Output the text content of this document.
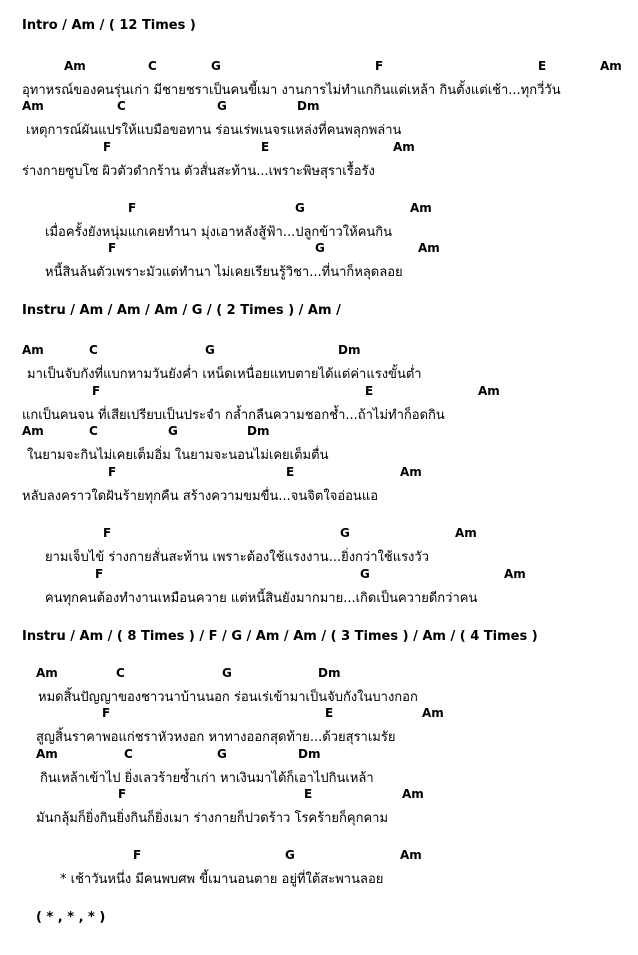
Intro / Am / ( 12 Times )
Instru / Am / Am / Am / G / ( 2 Times ) / Am /
Instru / Am / ( 8 Times ) / F / G / Am / Am / ( 3 Times ) / Am / ( 4 Times )
( * , * , * )
Am	C	G	F	E	Am
อุทาหรณ์ของคนรุ่นเก่า มีชายชราเป็นคนขี้เมา งานการไม่ทำแกกินแต่เหล้า กินตั้งแต่เช้า...ทุกวี่วัน
Am	C	G	Dm
เหตุการณ์ผันแปรให้แบมือขอทาน ร่อนเร่พเนจรแหล่งที่คนพลุกพล่าน
F	E	Am
ร่างกายซูบโซ ผิวตัวดำกร้าน ตัวสั่นสะท้าน...เพราะพิษสุราเรื้อรัง
F	G	Am
เมื่อครั้งยังหนุ่มแกเคยทำนา มุ่งเอาหลังสู้ฟ้า...ปลูกข้าวให้คนกิน
F	G	Am
หนี้สินล้นตัวเพราะมัวแต่ทำนา ไม่เคยเรียนรู้วิชา...ที่นาก็หลุดลอย
Am	C	G	Dm
มาเป็นจับกังที่แบกหามวันยังค่ำ เหน็ดเหนื่อยแทบตายได้แต่ค่าแรงขั้นต่ำ
F	E	Am
แกเป็นคนจน ที่เสียเปรียบเป็นประจำ กล้ำกลืนความชอกช้ำ...ถ้าไม่ทำก็อดกิน
Am	C	G	Dm
ในยามจะกินไม่เคยเต็มอิ่ม ในยามจะนอนไม่เคยเต็มตื่น
F	E	Am
หลับลงคราวใดฝันร้ายทุกคืน สร้างความขมขื่น...จนจิตใจอ่อนแอ
F	G	Am
ยามเจ็บไข้ ร่างกายสั่นสะท้าน เพราะต้องใช้แรงงาน...ยิ่งกว่าใช้แรงวัว
F	G	Am
คนทุกคนต้องทำงานเหมือนควาย แต่หนี้สินยังมากมาย...เกิดเป็นควายดีกว่าคน
Am	C	G	Dm
หมดสิ้นปัญญาของชาวนาบ้านนอก ร่อนเร่เข้ามาเป็นจับกังในบางกอก
F	E	Am
สูญสิ้นราคาพอแก่ชราหัวหงอก หาทางออกสุดท้าย...ด้วยสุราเมรัย
Am	C	G	Dm
กินเหล้าเข้าไป ยิ่งเลวร้ายซ้ำเก่า หาเงินมาได้ก็เอาไปกินเหล้า
F	E	Am
มันกลุ้มก็ยิ่งกินยิ่งกินก็ยิ่งเมา ร่างกายก็ปวดร้าว โรคร้ายก็คุกคาม
F	G	Am
* เช้าวันหนึ่ง มีคนพบศพ ขี้เมานอนตาย อยู่ที่ใต้สะพานลอย
